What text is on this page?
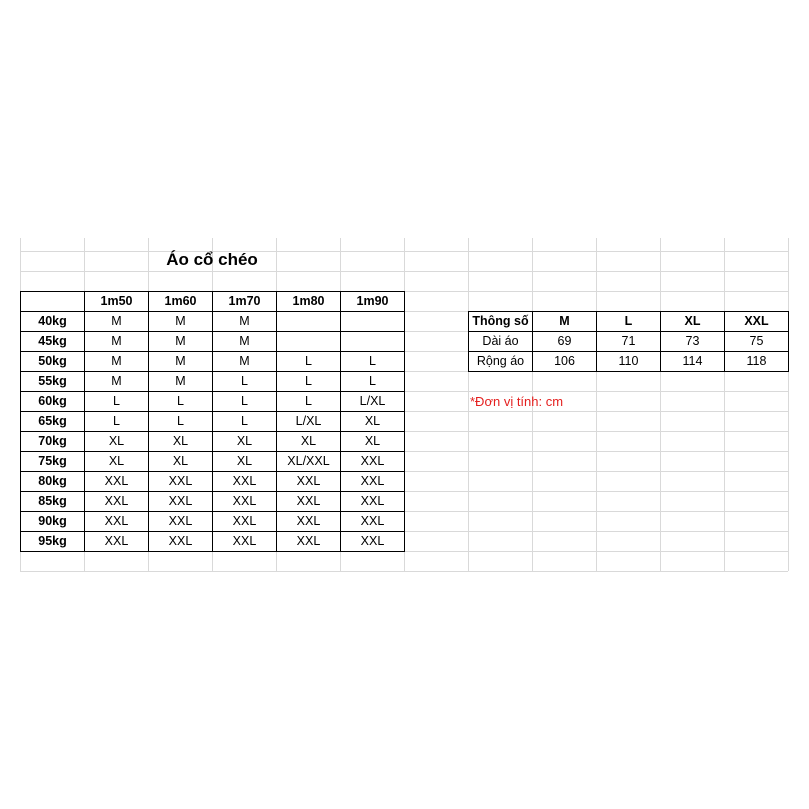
Áo cổ chéo
	1m50	1m60	1m70	1m80	1m90
40kg	M	M	M		
45kg	M	M	M		
50kg	M	M	M	L	L
55kg	M	M	L	L	L
60kg	L	L	L	L	L/XL
65kg	L	L	L	L/XL	XL
70kg	XL	XL	XL	XL	XL
75kg	XL	XL	XL	XL/XXL	XXL
80kg	XXL	XXL	XXL	XXL	XXL
85kg	XXL	XXL	XXL	XXL	XXL
90kg	XXL	XXL	XXL	XXL	XXL
95kg	XXL	XXL	XXL	XXL	XXL
Thông số	M	L	XL	XXL
Dài áo	69	71	73	75
Rộng áo	106	110	114	118
*Đơn vị tính: cm
